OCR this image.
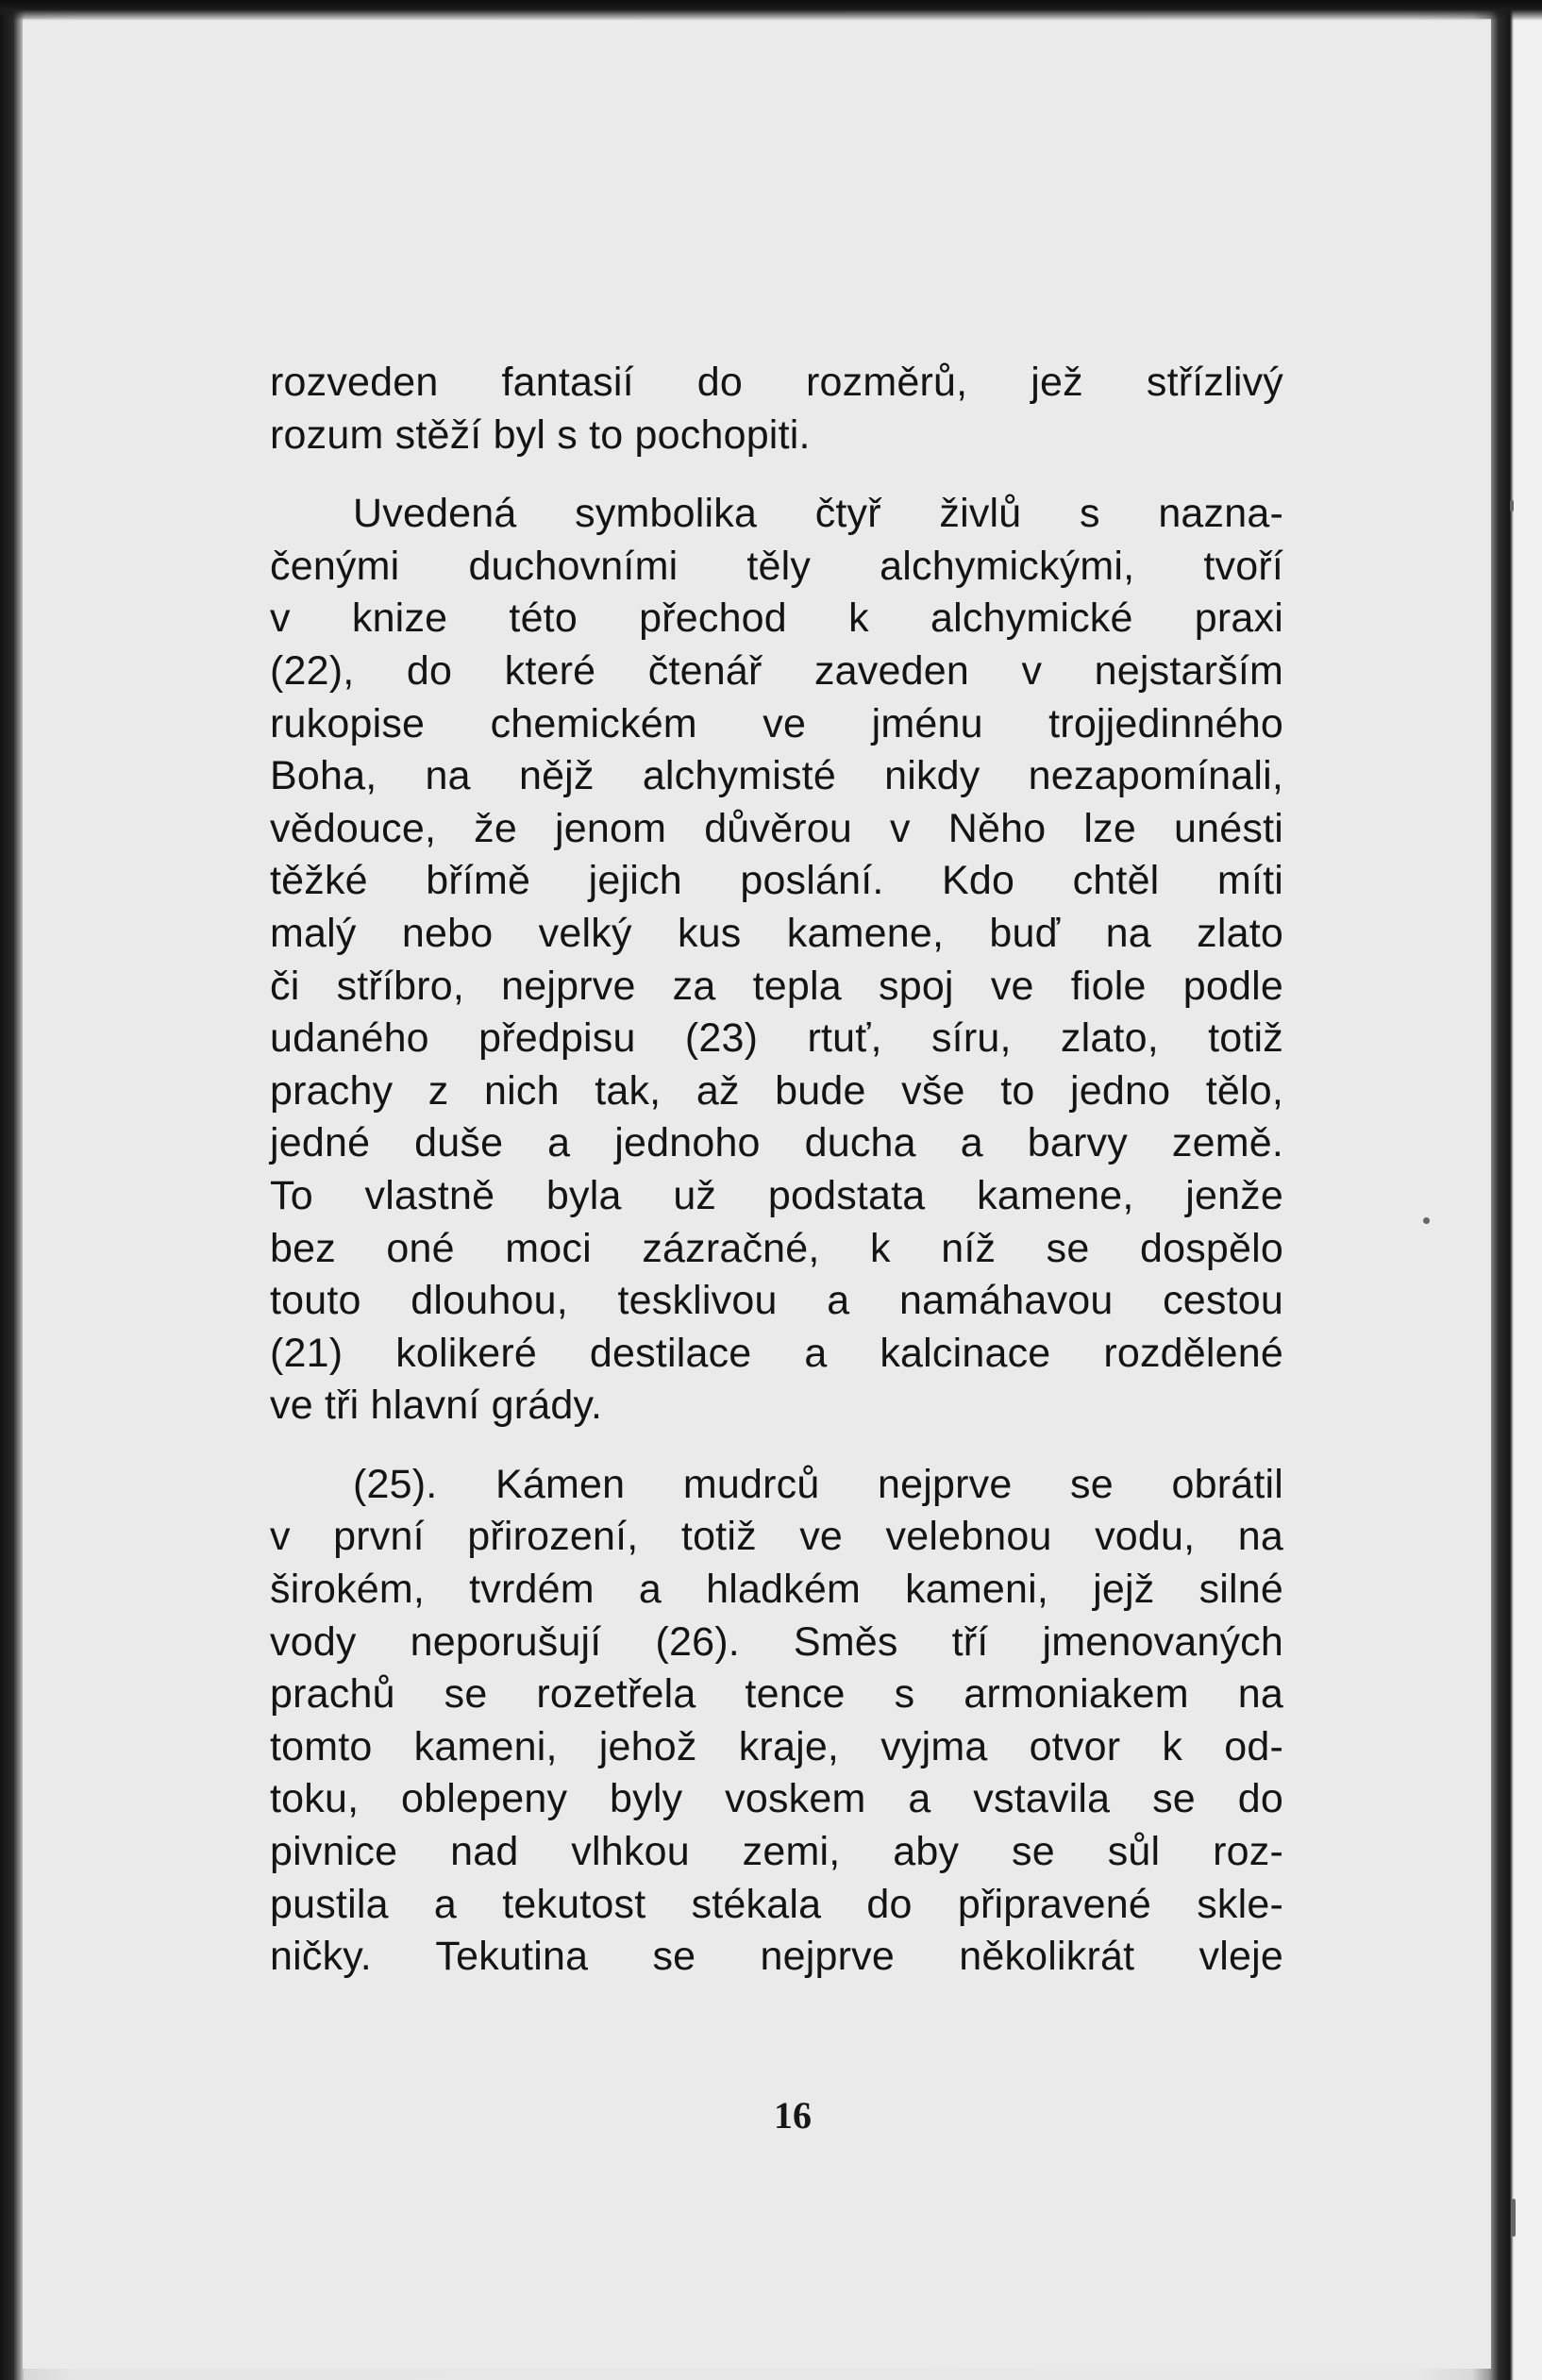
rozveden fantasií do rozměrů, jež střízlivý
rozum stěží byl s to pochopiti.
Uvedená symbolika čtyř živlů s nazna-
čenými duchovními těly alchymickými, tvoří
v knize této přechod k alchymické praxi
(22), do které čtenář zaveden v nejstarším
rukopise chemickém ve jménu trojjedinného
Boha, na nějž alchymisté nikdy nezapomínali,
vědouce, že jenom důvěrou v Něho lze unésti
těžké břímě jejich poslání. Kdo chtěl míti
malý nebo velký kus kamene, buď na zlato
či stříbro, nejprve za tepla spoj ve fiole podle
udaného předpisu (23) rtuť, síru, zlato, totiž
prachy z nich tak, až bude vše to jedno tělo,
jedné duše a jednoho ducha a barvy země.
To vlastně byla už podstata kamene, jenže
bez oné moci zázračné, k níž se dospělo
touto dlouhou, tesklivou a namáhavou cestou
(21) kolikeré destilace a kalcinace rozdělené
ve tři hlavní grády.
(25). Kámen mudrců nejprve se obrátil
v první přirození, totiž ve velebnou vodu, na
širokém, tvrdém a hladkém kameni, jejž silné
vody neporušují (26). Směs tří jmenovaných
prachů se rozetřela tence s armoniakem na
tomto kameni, jehož kraje, vyjma otvor k od-
toku, oblepeny byly voskem a vstavila se do
pivnice nad vlhkou zemi, aby se sůl roz-
pustila a tekutost stékala do připravené skle-
ničky. Tekutina se nejprve několikrát vleje
16
